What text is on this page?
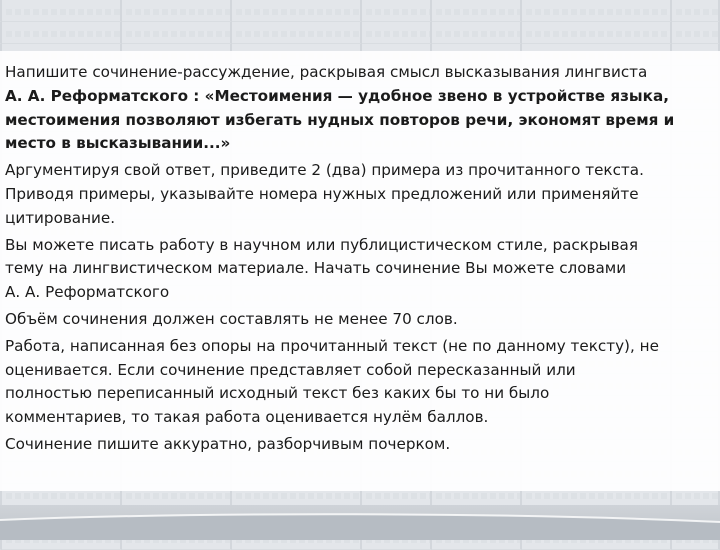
Напишите сочинение-рассуждение, раскрывая смысл высказывания лингвиста
А. А. Реформатского : «Местоимения — удобное звено в устройстве языка,
местоимения позволяют избегать нудных повторов речи, экономят время и
место в высказывании...»

Аргументируя свой ответ, приведите 2 (два) примера из прочитанного текста.
Приводя примеры, указывайте номера нужных предложений или применяйте
цитирование.

Вы можете писать работу в научном или публицистическом стиле, раскрывая
тему на лингвистическом материале. Начать сочинение Вы можете словами
А. А. Реформатского

Объём сочинения должен составлять не менее 70 слов.

Работа, написанная без опоры на прочитанный текст (не по данному тексту), не
оценивается. Если сочинение представляет собой пересказанный или
полностью переписанный исходный текст без каких бы то ни было
комментариев, то такая работа оценивается нулём баллов.

Сочинение пишите аккуратно, разборчивым почерком.
